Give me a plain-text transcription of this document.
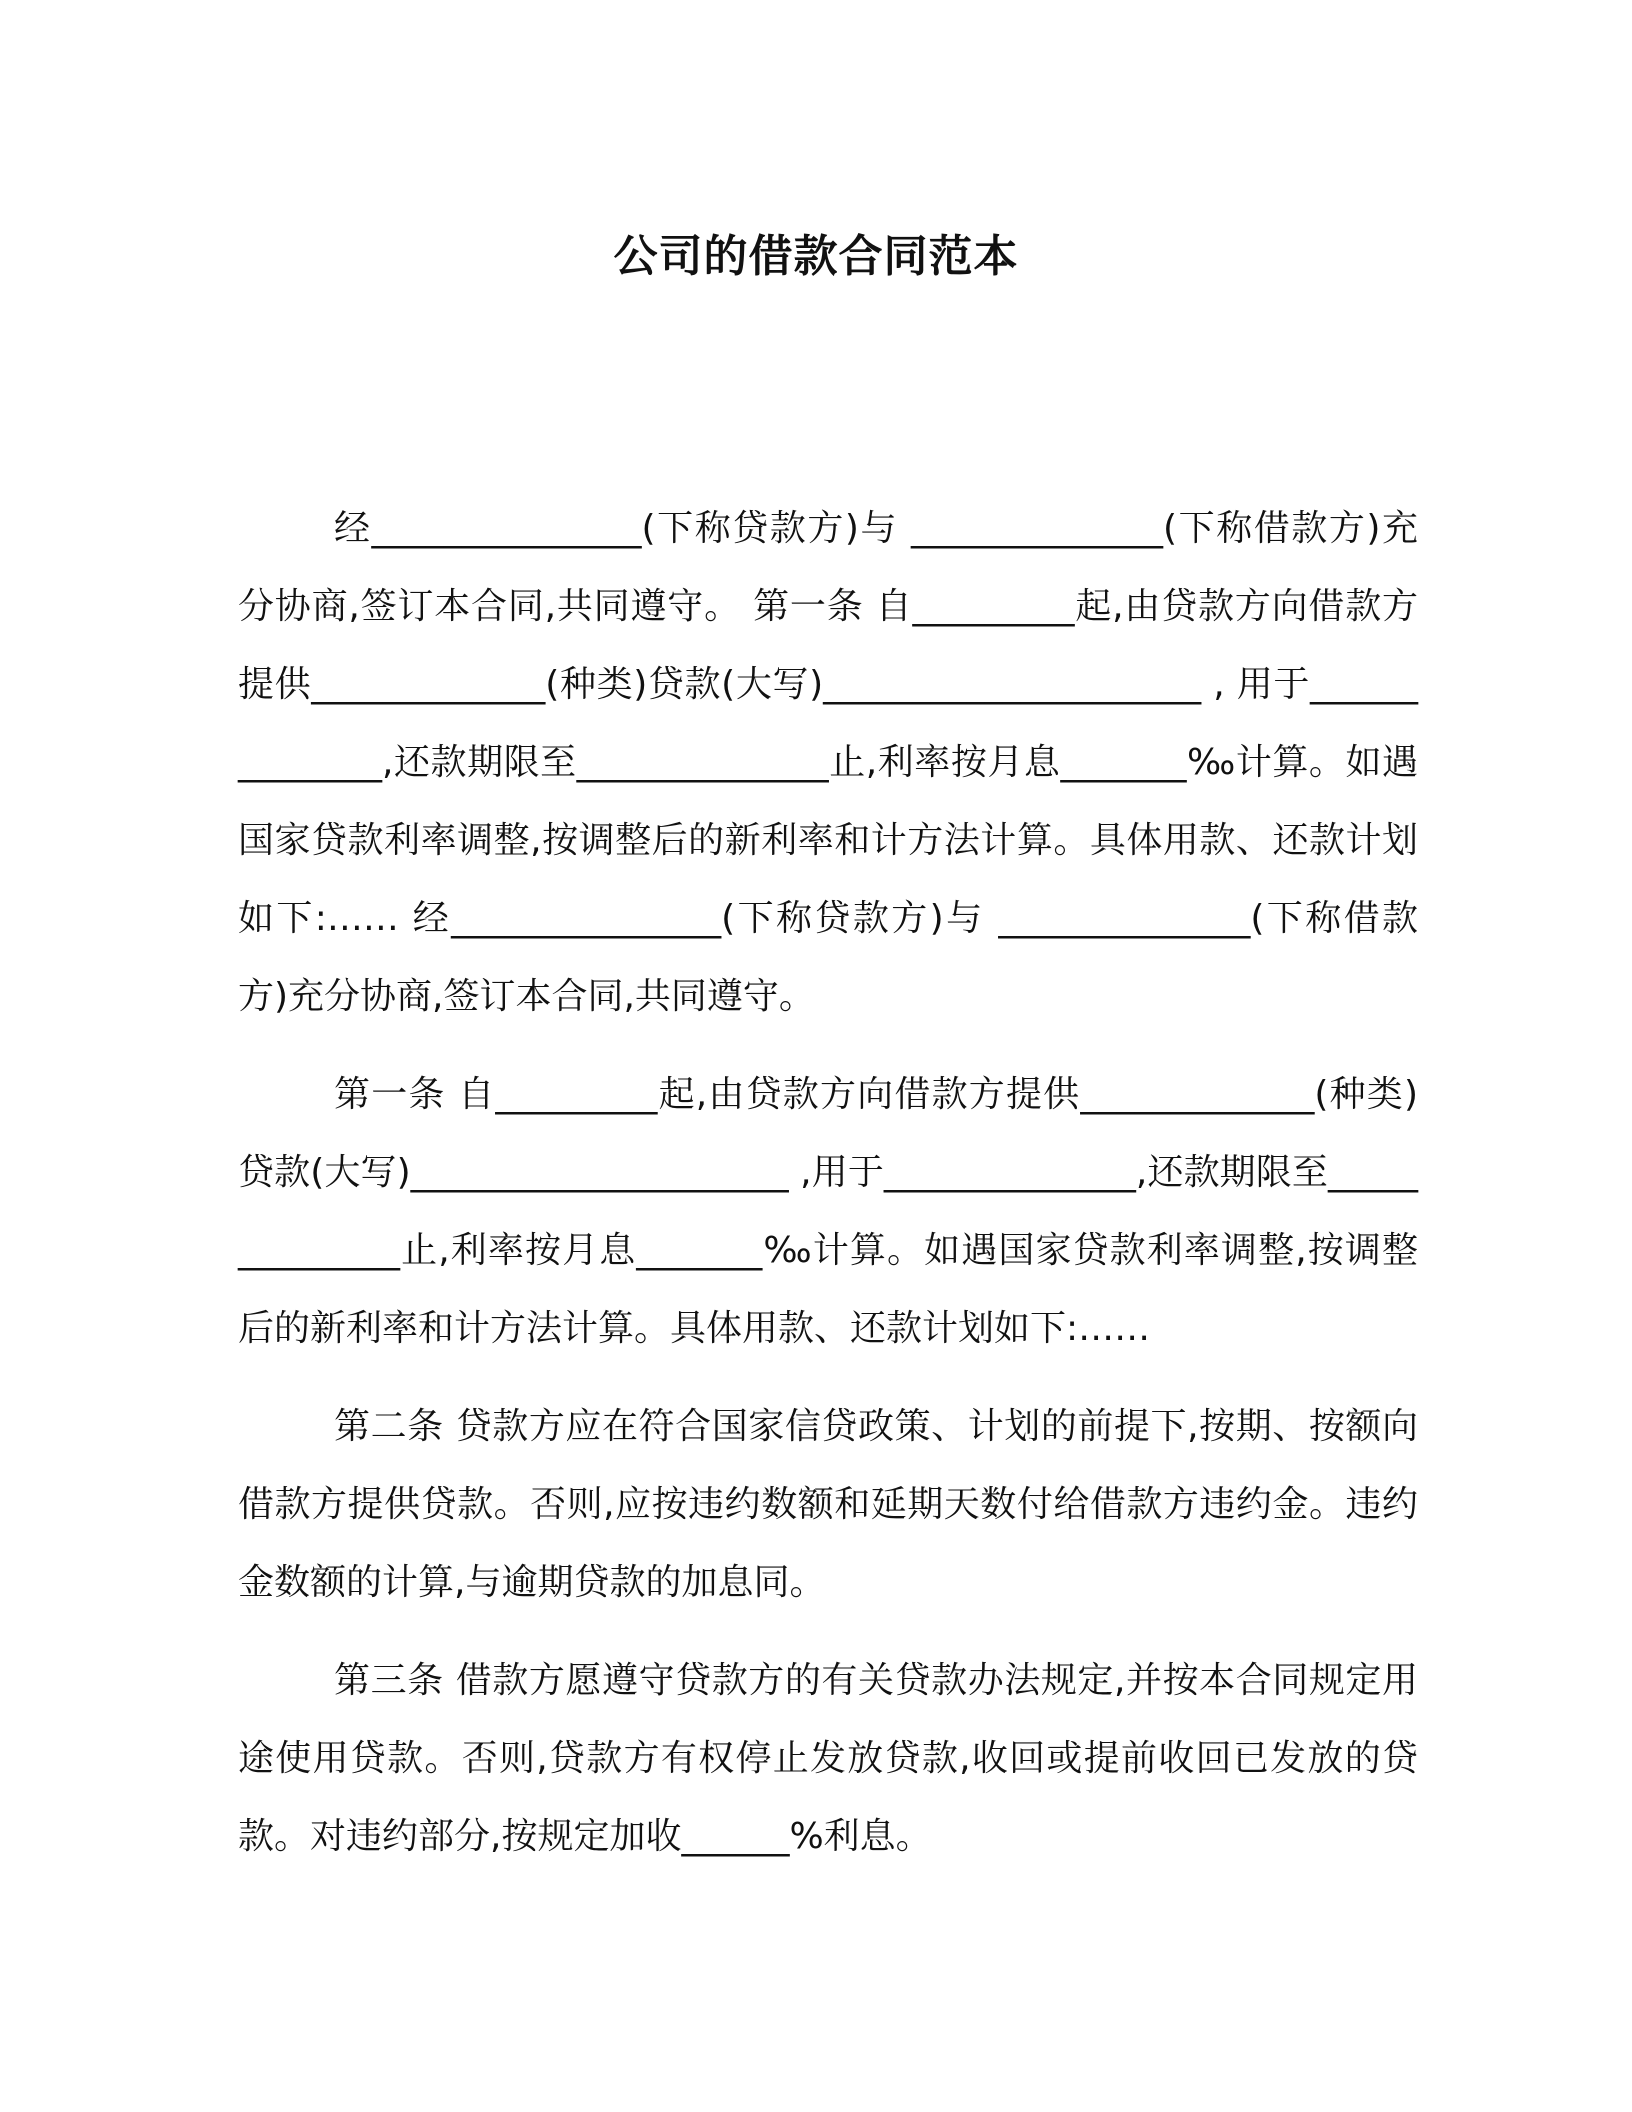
公司的借款合同范本

经_______________(下称贷款方)与 ______________(下称借款方)充分协商,签订本合同,共同遵守。 第一条 自_________起,由贷款方向借款方提供_____________(种类)贷款(大写)_____________________ , 用于______________,还款期限至______________止,利率按月息_______‰计算。如遇国家贷款利率调整,按调整后的新利率和计方法计算。具体用款、还款计划如下:…… 经_______________(下称贷款方)与 ______________(下称借款方)充分协商,签订本合同,共同遵守。

第一条 自_________起,由贷款方向借款方提供_____________(种类)贷款(大写)_____________________ ,用于______________,还款期限至______________止,利率按月息_______‰计算。如遇国家贷款利率调整,按调整后的新利率和计方法计算。具体用款、还款计划如下:……

第二条 贷款方应在符合国家信贷政策、计划的前提下,按期、按额向借款方提供贷款。否则,应按违约数额和延期天数付给借款方违约金。违约金数额的计算,与逾期贷款的加息同。

第三条 借款方愿遵守贷款方的有关贷款办法规定,并按本合同规定用途使用贷款。否则,贷款方有权停止发放贷款,收回或提前收回已发放的贷款。对违约部分,按规定加收______%利息。
